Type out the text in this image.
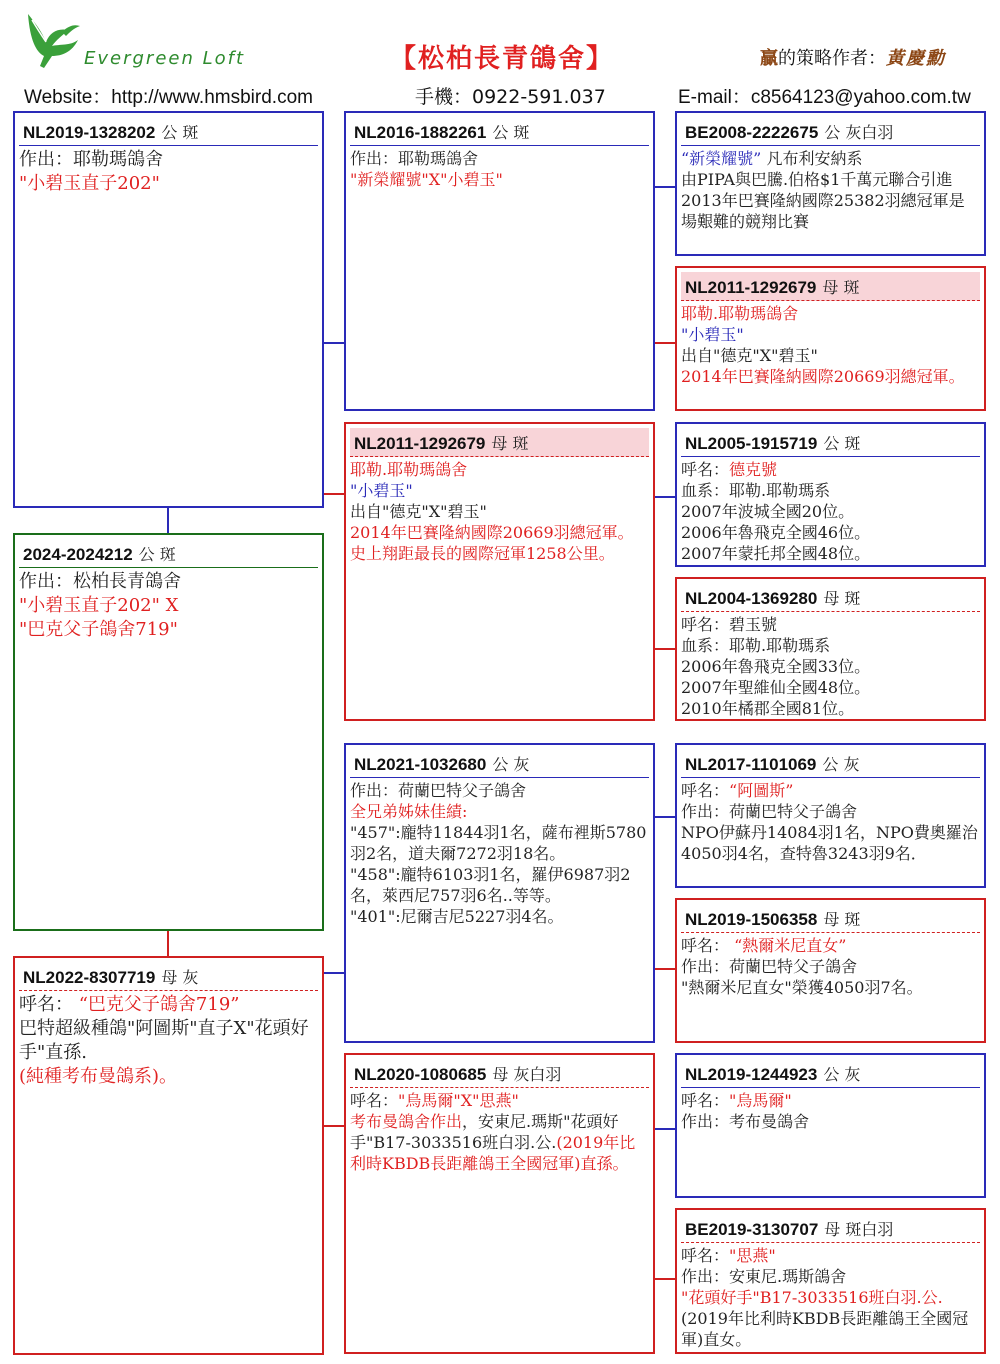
Evergreen Loft
Website：http://www.hmsbird.com
【松柏長青鴿舍】
手機：0922-591.037
贏的策略作者：黃慶勳
E-mail：c8564123@yahoo.com.tw
NL2019-1328202 公 斑
作出：耶勒瑪鴿舍
"小碧玉直子202"
2024-2024212 公 斑
作出：松柏長青鴿舍
"小碧玉直子202" X
"巴克父子鴿舍719"
NL2022-8307719 母 灰
呼名： “巴克父子鴿舍719”
巴特超級種鴿"阿圖斯"直子X"花頭好手"直孫.
(純種考布曼鴿系)。
NL2016-1882261 公 斑
作出：耶勒瑪鴿舍
"新榮耀號"X"小碧玉"
NL2011-1292679 母 斑
耶勒.耶勒瑪鴿舍
"小碧玉"
出自"德克"X"碧玉"
2014年巴賽隆納國際20669羽總冠軍。
史上翔距最長的國際冠軍1258公里。
NL2021-1032680 公 灰
作出：荷蘭巴特父子鴿舍
全兄弟姊妹佳績:
"457":龐特11844羽1名，薩布裡斯5780羽2名，道夫爾7272羽18名。
"458":龐特6103羽1名，羅伊6987羽2名，萊西尼757羽6名..等等。
"401":尼爾吉尼5227羽4名。
NL2020-1080685 母 灰白羽
呼名："烏馬爾"X"思燕"
考布曼鴿舍作出，安東尼.瑪斯"花頭好手"B17-3033516班白羽.公.(2019年比利時KBDB長距離鴿王全國冠軍)直孫。
BE2008-2222675 公 灰白羽
“新榮耀號” 凡布利安納系
由PIPA與巴騰.伯格$1千萬元聯合引進
2013年巴賽隆納國際25382羽總冠軍是場艱難的競翔比賽
NL2011-1292679 母 斑
耶勒.耶勒瑪鴿舍
"小碧玉"
出自"德克"X"碧玉"
2014年巴賽隆納國際20669羽總冠軍。
NL2005-1915719 公 斑
呼名：德克號
血系：耶勒.耶勒瑪系
2007年波城全國20位。
2006年魯飛克全國46位。
2007年蒙托邦全國48位。
NL2004-1369280 母 斑
呼名：碧玉號
血系：耶勒.耶勒瑪系
2006年魯飛克全國33位。
2007年聖維仙全國48位。
2010年橘郡全國81位。
NL2017-1101069 公 灰
呼名：“阿圖斯”
作出：荷蘭巴特父子鴿舍
NPO伊蘇丹14084羽1名，NPO費奧羅治4050羽4名，查特魯3243羽9名．
NL2019-1506358 母 斑
呼名： “熱爾米尼直女”
作出：荷蘭巴特父子鴿舍
"熱爾米尼直女"榮獲4050羽7名。
NL2019-1244923 公 灰
呼名："烏馬爾"
作出：考布曼鴿舍
BE2019-3130707 母 斑白羽
呼名："思燕"
作出：安東尼.瑪斯鴿舍
"花頭好手"B17-3033516班白羽.公.
(2019年比利時KBDB長距離鴿王全國冠軍)直女。
